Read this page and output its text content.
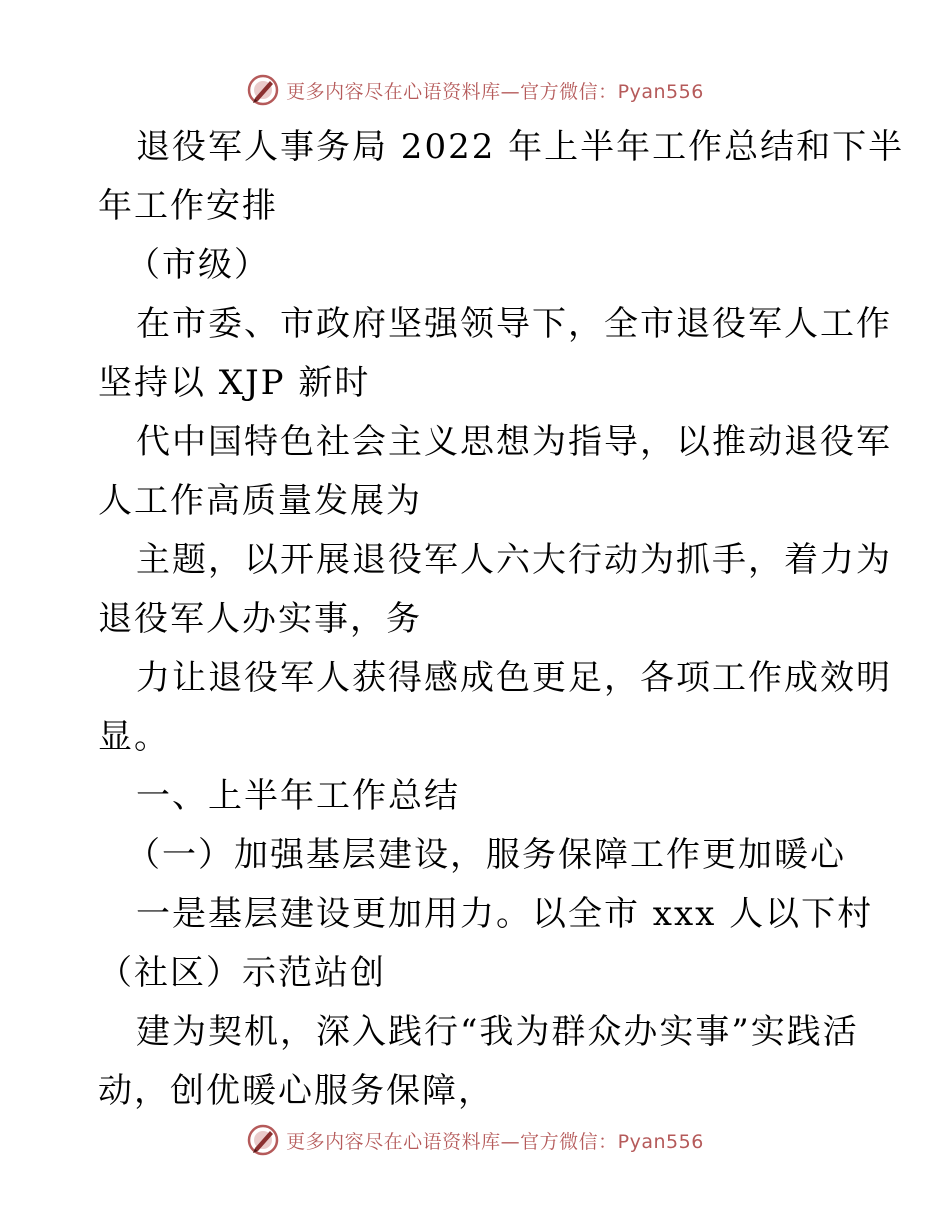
更多内容尽在心语资料库—官方微信：Pyan556
退役军人事务局 2022 年上半年工作总结和下半
年工作安排
（市级）
在市委、市政府坚强领导下，全市退役军人工作
坚持以 XJP 新时
代中国特色社会主义思想为指导，以推动退役军
人工作高质量发展为
主题，以开展退役军人六大行动为抓手，着力为
退役军人办实事，务
力让退役军人获得感成色更足，各项工作成效明
显。
一、上半年工作总结
（一）加强基层建设，服务保障工作更加暖心
一是基层建设更加用力。以全市 xxx 人以下村
（社区）示范站创
建为契机，深入践行“我为群众办实事”实践活
动，创优暖心服务保障，
更多内容尽在心语资料库—官方微信：Pyan556
